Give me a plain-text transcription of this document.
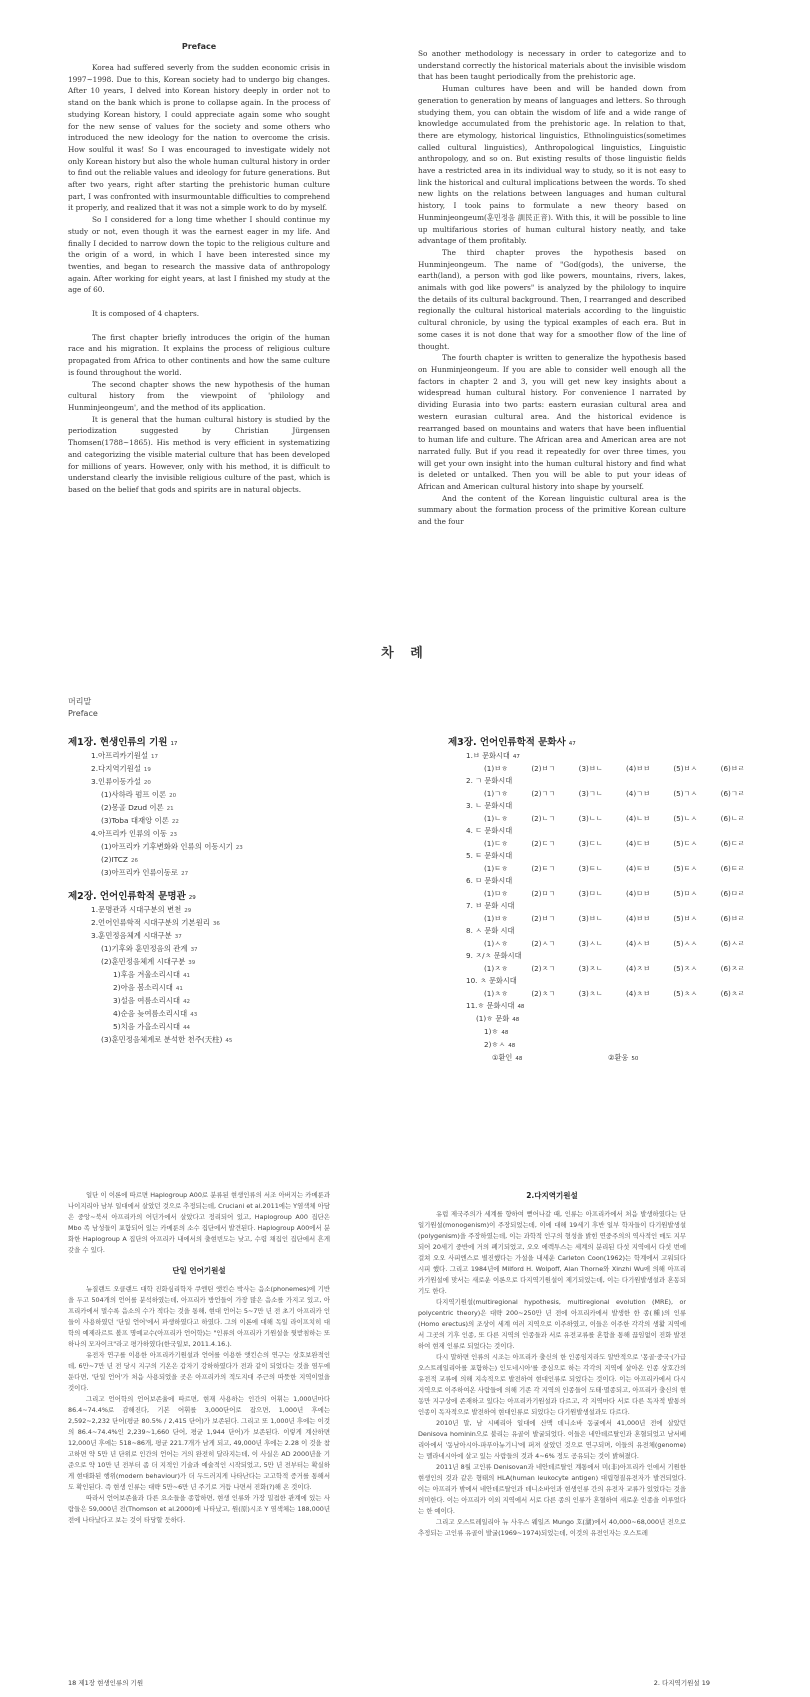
Preface

Korea had suffered severly from the sudden economic crisis in 1997~1998. Due to this, Korean society had to undergo big changes. After 10 years, I delved into Korean history deeply in order not to stand on the bank which is prone to collapse again. In the process of studying Korean history, I could appreciate again some who sought for the new sense of values for the society and some others who introduced the new ideology for the nation to overcome the crisis. How soulful it was! So I was encouraged to investigate widely not only Korean history but also the whole human cultural history in order to find out the reliable values and ideology for future generations. But after two years, right after starting the prehistoric human culture part, I was confronted with insurmountable difficulties to comprehend it properly, and realized that it was not a simple work to do by myself.

So I considered for a long time whether I should continue my study or not, even though it was the earnest eager in my life. And finally I decided to narrow down the topic to the religious culture and the origin of a word, in which I have been interested since my twenties, and began to research the massive data of anthropology again. After working for eight years, at last I finished my study at the age of 60.

It is composed of 4 chapters.

The first chapter briefly introduces the origin of the human race and his migration. It explains the process of religious culture propagated from Africa to other continents and how the same culture is found throughout the world.

The second chapter shows the new hypothesis of the human cultural history from the viewpoint of 'philology and Hunminjeongeum', and the method of its application.

It is general that the human cultural history is studied by the periodization suggested by Christian Jürgensen Thomsen(1788~1865). His method is very efficient in systematizing and categorizing the visible material culture that has been developed for millions of years. However, only with his method, it is difficult to understand clearly the invisible religious culture of the past, which is based on the belief that gods and spirits are in natural objects.

So another methodology is necessary in order to categorize and to understand correctly the historical materials about the invisible wisdom that has been taught periodically from the prehistoric age.

Human cultures have been and will be handed down from generation to generation by means of languages and letters. So through studying them, you can obtain the wisdom of life and a wide range of knowledge accumulated from the prehistoric age. In relation to that, there are etymology, historical linguistics, Ethnolinguistics(sometimes called cultural linguistics), Anthropological linguistics, Linguistic anthropology, and so on. But existing results of those linguistic fields have a restricted area in its individual way to study, so it is not easy to link the historical and cultural implications between the words. To shed new lights on the relations between languages and human cultural history, I took pains to formulate a new theory based on Hunminjeongeum(훈민정음 訓民正音). With this, it will be possible to line up multifarious stories of human cultural history neatly, and take advantage of them profitably.

The third chapter proves the hypothesis based on Hunminjeongeum. The name of "God(gods), the universe, the earth(land), a person with god like powers, mountains, rivers, lakes, animals with god like powers" is analyzed by the philology to inquire the details of its cultural background. Then, I rearranged and described regionally the cultural historical materials according to the linguistic cultural chronicle, by using the typical examples of each era. But in some cases it is not done that way for a smoother flow of the line of thought.

The fourth chapter is written to generalize the hypothesis based on Hunminjeongeum. If you are able to consider well enough all the factors in chapter 2 and 3, you will get new key insights about a widespread human cultural history. For convenience I narrated by dividing Eurasia into two parts: eastern eurasian cultural area and western eurasian cultural area. And the historical evidence is rearranged based on mountains and waters that have been influential to human life and culture. The African area and American area are not narrated fully. But if you read it repeatedly for over three times, you will get your own insight into the human cultural history and find what is deleted or untalked. Then you will be able to put your ideas of African and American cultural history into shape by yourself.

And the content of the Korean linguistic cultural area is the summary about the formation process of the primitive Korean culture and the four

차 례
머리말
Preface
제1장. 현생인류의 기원 17
1.아프리카기원설 17
2.다지역기원설 19
3.인류이동가설 20
(1)사하라 펌프 이론 20
(2)몽골 Dzud 이론 21
(3)Toba 대재앙 이론 22
4.아프리카 인류의 이동 23
(1)아프리카 기후변화와 인류의 이동시기 23
(2)ITCZ 26
(3)아프리카 인류이동로 27
제2장. 언어인류학적 문명관 29
1.문명관과 시대구분의 변천 29
2.언어인류학적 시대구분의 기본원리 36
3.훈민정음체계 시대구분 37
(1)기후와 훈민정음의 관계 37
(2)훈민정음체계 시대구분 39
1)후음 겨울소리시대 41
2)아음 봄소리시대 41
3)설음 여름소리시대 42
4)순음 늦여름소리시대 43
5)치음 가을소리시대 44
(3)훈민정음체계로 분석한 천주(天柱) 45
제3장. 언어인류학적 문화사 47
1.ㅂ 문화시대 47
(1)ㅂㅎ	(2)ㅂㄱ	(3)ㅂㄴ	(4)ㅂㅂ	(5)ㅂㅅ	(6)ㅂㄹ
2. ㄱ 문화시대
(1)ㄱㅎ	(2)ㄱㄱ	(3)ㄱㄴ	(4)ㄱㅂ	(5)ㄱㅅ	(6)ㄱㄹ
3. ㄴ 문화시대
(1)ㄴㅎ	(2)ㄴㄱ	(3)ㄴㄴ	(4)ㄴㅂ	(5)ㄴㅅ	(6)ㄴㄹ
4. ㄷ 문화시대
(1)ㄷㅎ	(2)ㄷㄱ	(3)ㄷㄴ	(4)ㄷㅂ	(5)ㄷㅅ	(6)ㄷㄹ
5. ㅌ 문화시대
(1)ㅌㅎ	(2)ㅌㄱ	(3)ㅌㄴ	(4)ㅌㅂ	(5)ㅌㅅ	(6)ㅌㄹ
6. ㅁ 문화시대
(1)ㅁㅎ	(2)ㅁㄱ	(3)ㅁㄴ	(4)ㅁㅂ	(5)ㅁㅅ	(6)ㅁㄹ
7. ㅂ 문화 시대
(1)ㅂㅎ	(2)ㅂㄱ	(3)ㅂㄴ	(4)ㅂㅂ	(5)ㅂㅅ	(6)ㅂㄹ
8. ㅅ 문화 시대
(1)ㅅㅎ	(2)ㅅㄱ	(3)ㅅㄴ	(4)ㅅㅂ	(5)ㅅㅅ	(6)ㅅㄹ
9. ㅈ/ㅊ 문화시대
(1)ㅈㅎ	(2)ㅈㄱ	(3)ㅈㄴ	(4)ㅈㅂ	(5)ㅈㅅ	(6)ㅈㄹ
10. ㅊ 문화시대
(1)ㅊㅎ	(2)ㅊㄱ	(3)ㅊㄴ	(4)ㅊㅂ	(5)ㅊㅅ	(6)ㅊㄹ
11.ㅎ 문화시대 48
(1)ㅎ 문화 48
1)ㅎ 48
2)ㅎㅅ 48
①환인 48	②환웅 50

일단 이 이론에 따르면 Haplogroup A00로 분류된 현생인류의 서조 아버지는 카메룬과 나이지리아 남부 일대에서 살았던 것으로 추정되는데, Cruciani et al.2011에는 Y염색체 아담은 중앙~북서 아프리카의 어딘가에서 살았다고 정리되어 있고, Haplogroup A00 집단은 Mbo 족 남성들이 포함되어 있는 카메룬의 소수 집단에서 발견된다. Haplogroup A00에서 분화한 Haplogroup A 집단의 아프리카 내에서의 출현빈도는 낮고, 수렵 채집인 집단에서 흔게 갖을 수 있다.

단일 언어기원설

뉴질랜드 오클랜드 대학 진화심리학자 쿠엔틴 앳킨슨 박사는 음소(phonemes)에 기반을 두고 504개의 언어를 분석하였는데, 아프리카 방언들이 가장 많은 음소를 가지고 있고, 아프리카에서 멀수록 음소의 수가 적다는 것을 통해, 현대 언어는 5~7만 년 전 초기 아프리카 인들이 사용하였던 '단일 언어'에서 파생하였다고 하였다. 그의 이론에 대해 독일 라이프치히 대학의 예제라르트 볼프 명예교수(아프리카 언어학)는 "인류의 아프리카 기원설을 뒷받침하는 또 하나의 모자이크"라고 평가하였다(한국일보, 2011.4.16.).

유전자 연구를 이용한 아프리카기원설과 언어를 이용한 앳킨슨의 연구는 상호보완적인데, 6만~7만 년 전 당시 지구의 기온은 갑자기 강하하였다가 전과 같이 되었다는 것을 염두에 둔다면, '단일 언어'가 처음 사용되었을 곳은 아프리카의 적도지대 주근의 따뜻한 지역이었을 것이다.

그리고 언어학의 언어보존율에 따르면, 현재 사용하는 인간의 어휘는 1,000년마다 86.4~74.4%로 감해진다, 기본 어휘를 3,000단어로 잡으면, 1,000년 후에는 2,592~2,232 단어(평균 80.5% / 2,415 단어)가 보존된다. 그리고 또 1,000년 후에는 이것의 86.4~74.4%인 2,239~1,660 단어, 평균 1,944 단어)가 보존된다. 이렇게 계산하면 12,000년 후에는 518~86개, 평균 221.7개가 남게 되고, 49,000년 후에는 2.28 이 것을 참고하면 약 5만 년 단위로 인간의 언어는 거의 완전히 달라지는데, 이 사실은 AD 2000년을 기준으로 약 10만 년 전부터 좀 더 지적인 기술과 예술적인 시작되었고, 5만 년 전부터는 확실하게 현대화된 행위(modern behaviour)가 더 두드러지게 나타난다는 고고학적 증거를 통해서도 확인된다. 즉 현생 인류는 대략 5만~6만 년 주기로 거듭 나면서 진화(?)해 온 것이다.

따라서 언어보존율과 다른 요소들을 종합하면, 현생 인류와 가장 밀접한 관계에 있는 사람들은 59,000년 전(Thomson et al.2000)에 나타났고, 원(原)시조 Y 염색체는 188,000년 전에 나타났다고 보는 것이 타당할 듯하다.

2.다지역기원설

유럽 제국주의가 세계를 향하여 뻗어나갈 때, 인류는 아프리카에서 처음 발생하였다는 단일기원설(monogenism)이 주장되었는데, 이에 대해 19세기 후반 일부 학자들이 다기원발생설(polygenism)을 주장하였는데, 이는 과학적 인구의 형성을 밝힌 연중주의의 역사적인 매도 지무되어 20세기 중반에 거의 폐기되었고, 오오 에렉투스는 세계의 분리된 다섯 지역에서 다섯 번에 걸쳐 오오 사피엔스로 별진했다는 가설을 내세운 Carleton Coon(1962)는 학계에서 고워되다시피 했다. 그리고 1984년에 Milford H. Wolpoff, Alan Thorne와 Xinzhi Wu에 의해 아프리카기원설에 맞서는 새로운 이론으로 다지역기원설이 제기되었는데, 이는 다기원발생설과 혼동되기도 한다.

다지역기원설(multiregional hypothesis, multiregional evolution (MRE), or polycentric theory)은 대략 200~250만 년 전에 아프리카에서 발생한 한 종(種)의 인류(Homo erectus)의 조상이 세계 여러 지역으로 이주하였고, 이들은 이주한 각각의 생활 지역에서 그곳의 기후 인종, 또 다른 지역의 인종들과 서로 유전교류를 혼합을 통해 끊임없이 진화 발전하여 현재 인류로 되었다는 것이다.

다시 말하면 인류의 시조는 아프리카 출신의 한 인종임지라도 알반적으로 '몽골·중국·(가급 오스트레일리아를 포함하는) 인도네시아'를 중심으로 하는 각각의 지역에 살아온 인종 상호간의 유전적 교류에 의해 지속적으로 발전하여 현대인류로 되었다는 것이다. 이는 아프리카에서 다시 지역으로 이주하여온 사람들에 의해 기존 각 지역의 인종들이 도태·멸종되고, 아프리카 출신의 현동만 지구상에 존재하고 있다는 아프리카기원설과 다르고, 각 지역마다 서로 다른 독자적 발통의 인종이 독자적으로 발전하여 현대인류로 되었다는 다기원발생설과도 다르다.

2010년 말, 남 시베리아 일대에 산맥 데니소바 동굴에서 41,000년 전에 살았던 Denisova hominin으로 불리는 유골이 발굴되었다. 이들은 네안데르탈인과 혼혈되었고 남서베리아에서 '동남아시아-파푸아뉴기니'에 퍼져 살았던 것으로 연구되며, 이들의 유전체(genome)는 멜라네시아에 살고 있는 사람들의 것과 4~6% 정도 공유되는 것이 밝혀졌다.

2011년 8월 고인류 Denisovan과 네안데르탈인 계통에서 미(非)아프리카 인에서 기원한 현생인의 것과 같은 형태의 HLA(human leukocyte antigen) 대립형질유전자가 발견되었다. 이는 아프리카 밖에서 네안데르탈인과 데니소바인과 현생인류 간의 유전자 교류가 있었다는 것을 의미한다. 이는 아프리카 이외 지역에서 서로 다른 종의 인류가 혼혈하여 새로운 인종을 이루었다는 한 예이다.

그리고 오스트레일리아 뉴 사우스 웨일즈 Mungo 호(湖)에서 40,000~68,000년 전으로 추정되는 고인류 유골이 발굴(1969~1974)되었는데, 이것의 유전인자는 오스트레

18 제1장 현생인류의 기원	2. 다지역기원설 19
